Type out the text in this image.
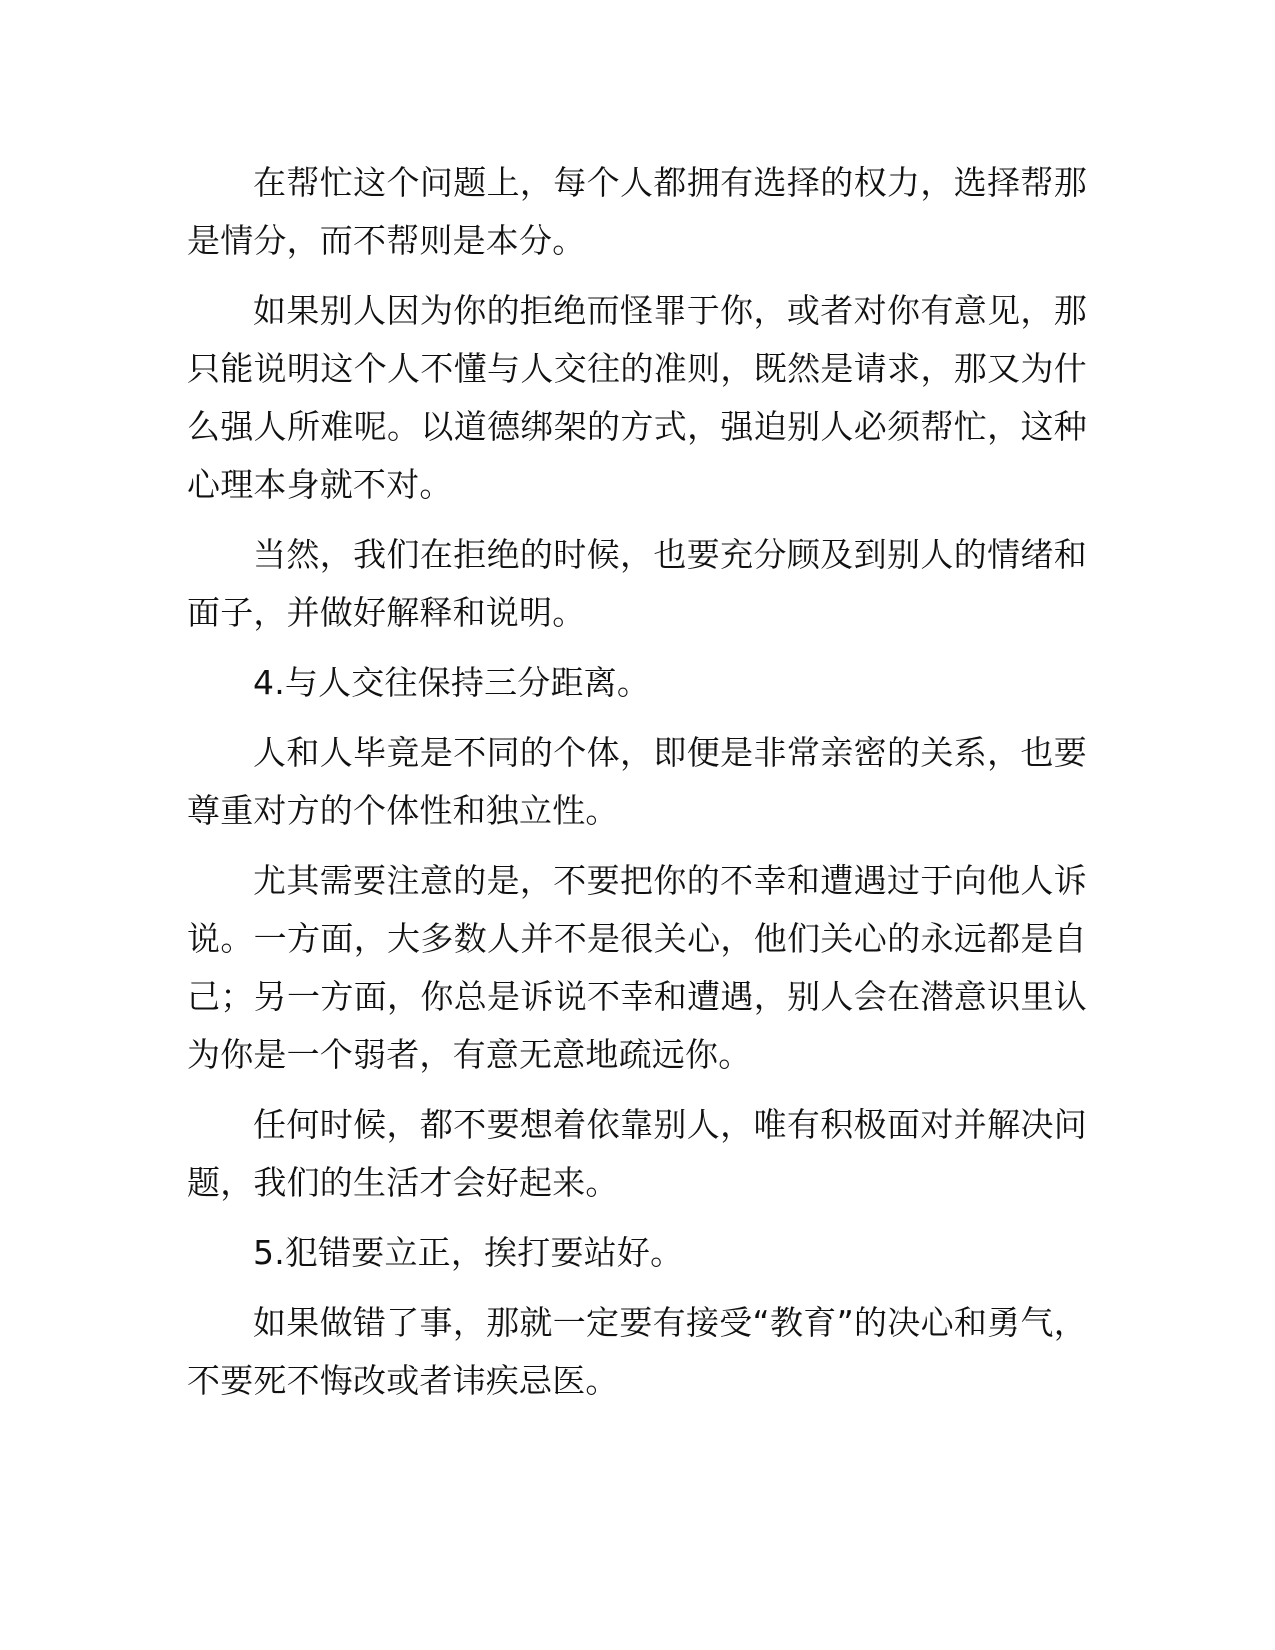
在帮忙这个问题上，每个人都拥有选择的权力，选择帮那是情分，而不帮则是本分。

如果别人因为你的拒绝而怪罪于你，或者对你有意见，那只能说明这个人不懂与人交往的准则，既然是请求，那又为什么强人所难呢。以道德绑架的方式，强迫别人必须帮忙，这种心理本身就不对。

当然，我们在拒绝的时候，也要充分顾及到别人的情绪和面子，并做好解释和说明。

4.与人交往保持三分距离。

人和人毕竟是不同的个体，即便是非常亲密的关系，也要尊重对方的个体性和独立性。

尤其需要注意的是，不要把你的不幸和遭遇过于向他人诉说。一方面，大多数人并不是很关心，他们关心的永远都是自己；另一方面，你总是诉说不幸和遭遇，别人会在潜意识里认为你是一个弱者，有意无意地疏远你。

任何时候，都不要想着依靠别人，唯有积极面对并解决问题，我们的生活才会好起来。

5.犯错要立正，挨打要站好。

如果做错了事，那就一定要有接受“教育”的决心和勇气，不要死不悔改或者讳疾忌医。
